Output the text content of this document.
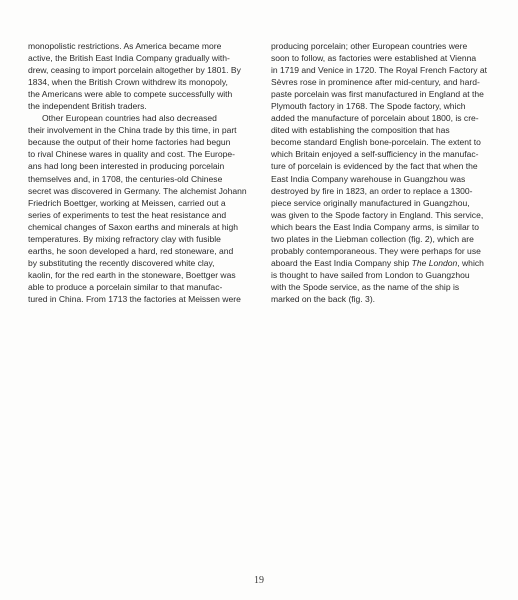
monopolistic restrictions. As America became more
active, the British East India Company gradually with-
drew, ceasing to import porcelain altogether by 1801. By
1834, when the British Crown withdrew its monopoly,
the Americans were able to compete successfully with
the independent British traders.
Other European countries had also decreased
their involvement in the China trade by this time, in part
because the output of their home factories had begun
to rival Chinese wares in quality and cost. The Europe-
ans had long been interested in producing porcelain
themselves and, in 1708, the centuries-old Chinese
secret was discovered in Germany. The alchemist Johann
Friedrich Boettger, working at Meissen, carried out a
series of experiments to test the heat resistance and
chemical changes of Saxon earths and minerals at high
temperatures. By mixing refractory clay with fusible
earths, he soon developed a hard, red stoneware, and
by substituting the recently discovered white clay,
kaolin, for the red earth in the stoneware, Boettger was
able to produce a porcelain similar to that manufac-
tured in China. From 1713 the factories at Meissen were
producing porcelain; other European countries were
soon to follow, as factories were established at Vienna
in 1719 and Venice in 1720. The Royal French Factory at
Sèvres rose in prominence after mid-century, and hard-
paste porcelain was first manufactured in England at the
Plymouth factory in 1768. The Spode factory, which
added the manufacture of porcelain about 1800, is cre-
dited with establishing the composition that has
become standard English bone-porcelain. The extent to
which Britain enjoyed a self-sufficiency in the manufac-
ture of porcelain is evidenced by the fact that when the
East India Company warehouse in Guangzhou was
destroyed by fire in 1823, an order to replace a 1300-
piece service originally manufactured in Guangzhou,
was given to the Spode factory in England. This service,
which bears the East India Company arms, is similar to
two plates in the Liebman collection (fig. 2), which are
probably contemporaneous. They were perhaps for use
aboard the East India Company ship The London, which
is thought to have sailed from London to Guangzhou
with the Spode service, as the name of the ship is
marked on the back (fig. 3).
19
